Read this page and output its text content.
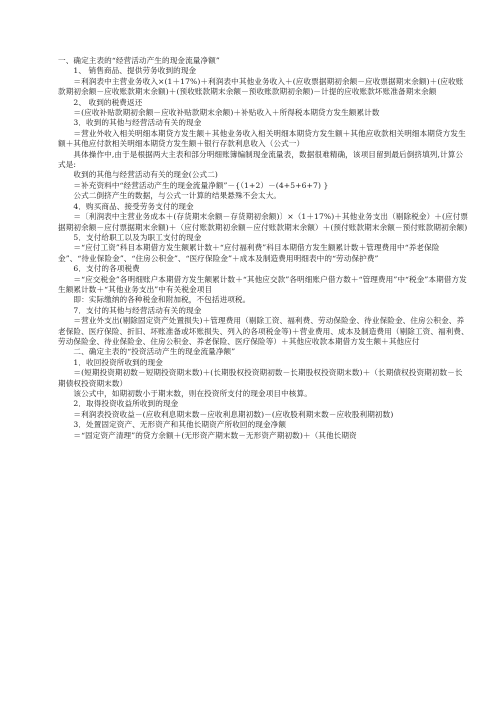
一、确定主表的“经营活动产生的现金流量净额”

　　1、 销售商品、提供劳务收到的现金

　　＝利润表中主营业务收入×(1＋17%)＋利润表中其他业务收入＋(应收票据期初余额－应收票据期末余额)＋(应收账款期初余额－应收账款期末余额)＋(预收账款期末余额－预收账款期初余额)－计提的应收账款坏账准备期末余额

　　2、 收到的税费返还

　　＝(应收补贴款期初余额－应收补贴款期末余额)＋补贴收入＋所得税本期贷方发生额累计数

　　3．收到的其他与经营活动有关的现金

　　＝营业外收入相关明细本期贷方发生额＋其他业务收入相关明细本期贷方发生额＋其他应收款相关明细本期贷方发生额＋其他应付款相关明细本期贷方发生额＋银行存款利息收入（公式一）

　　具体操作中,由于是根据两大主表和部分明细账簿编制现金流量表，数据很难精确，该项目留到最后倒挤填列,计算公式是:

　　收到的其他与经营活动有关的现金(公式二)

　　＝补充资料中“经营活动产生的现金流量净额”－{（1+2）－(4+5+6+7) }

　　公式二倒挤产生的数据，与公式一计算的结果悬殊不会太大。

　　4．购买商品、接受劳务支付的现金

　　＝〔利润表中主营业务成本＋(存货期末余额－存货期初余额)〕×（1＋17%)＋其他业务支出（剔除税金）＋(应付票据期初余额－应付票据期末余额)＋（应付账款期初余额－应付账款期末余额）＋(预付账款期末余额－预付账款期初余额)

　　5．支付给职工以及为职工支付的现金

　　＝“应付工资”科目本期借方发生额累计数＋“应付福利费”科目本期借方发生额累计数＋管理费用中“养老保险金”、“待业保险金”、“住房公积金”、“医疗保险金”＋成本及制造费用明细表中的“劳动保护费”

　　6．支付的各项税费

　　＝“应交税金”各明细账户本期借方发生额累计数＋“其他应交款”各明细账户借方数＋“管理费用”中“税金”本期借方发生额累计数＋“其他业务支出”中有关税金项目

　　即：实际缴纳的各种税金和附加税，不包括进项税。

　　7．支付的其他与经营活动有关的现金

　　＝营业外支出(剔除固定资产处置损失)＋管理费用（剔除工资、福利费、劳动保险金、待业保险金、住房公积金、养老保险、医疗保险、折旧、坏账准备或坏账损失、列入的各项税金等)＋营业费用、成本及制造费用（剔除工资、福利费、劳动保险金、待业保险金、住房公积金、养老保险、医疗保险等）＋其他应收款本期借方发生额＋其他应付

　　二、确定主表的“投资活动产生的现金流量净额”

　　1．收回投资所收到的现金

　　＝(短期投资期初数－短期投资期末数)＋(长期股权投资期初数－长期股权投资期末数)＋（长期债权投资期初数－长期债权投资期末数）

　　该公式中，如期初数小于期末数，则在投资所支付的现金项目中核算。

　　2．取得投资收益所收到的现金

　　＝利润表投资收益－(应收利息期末数－应收利息期初数)－(应收股利期末数－应收股利期初数)

　　3．处置固定资产、无形资产和其他长期资产所收回的现金净额

　　＝“固定资产清理”的贷方余额＋(无形资产期末数－无形资产期初数)＋（其他长期资
